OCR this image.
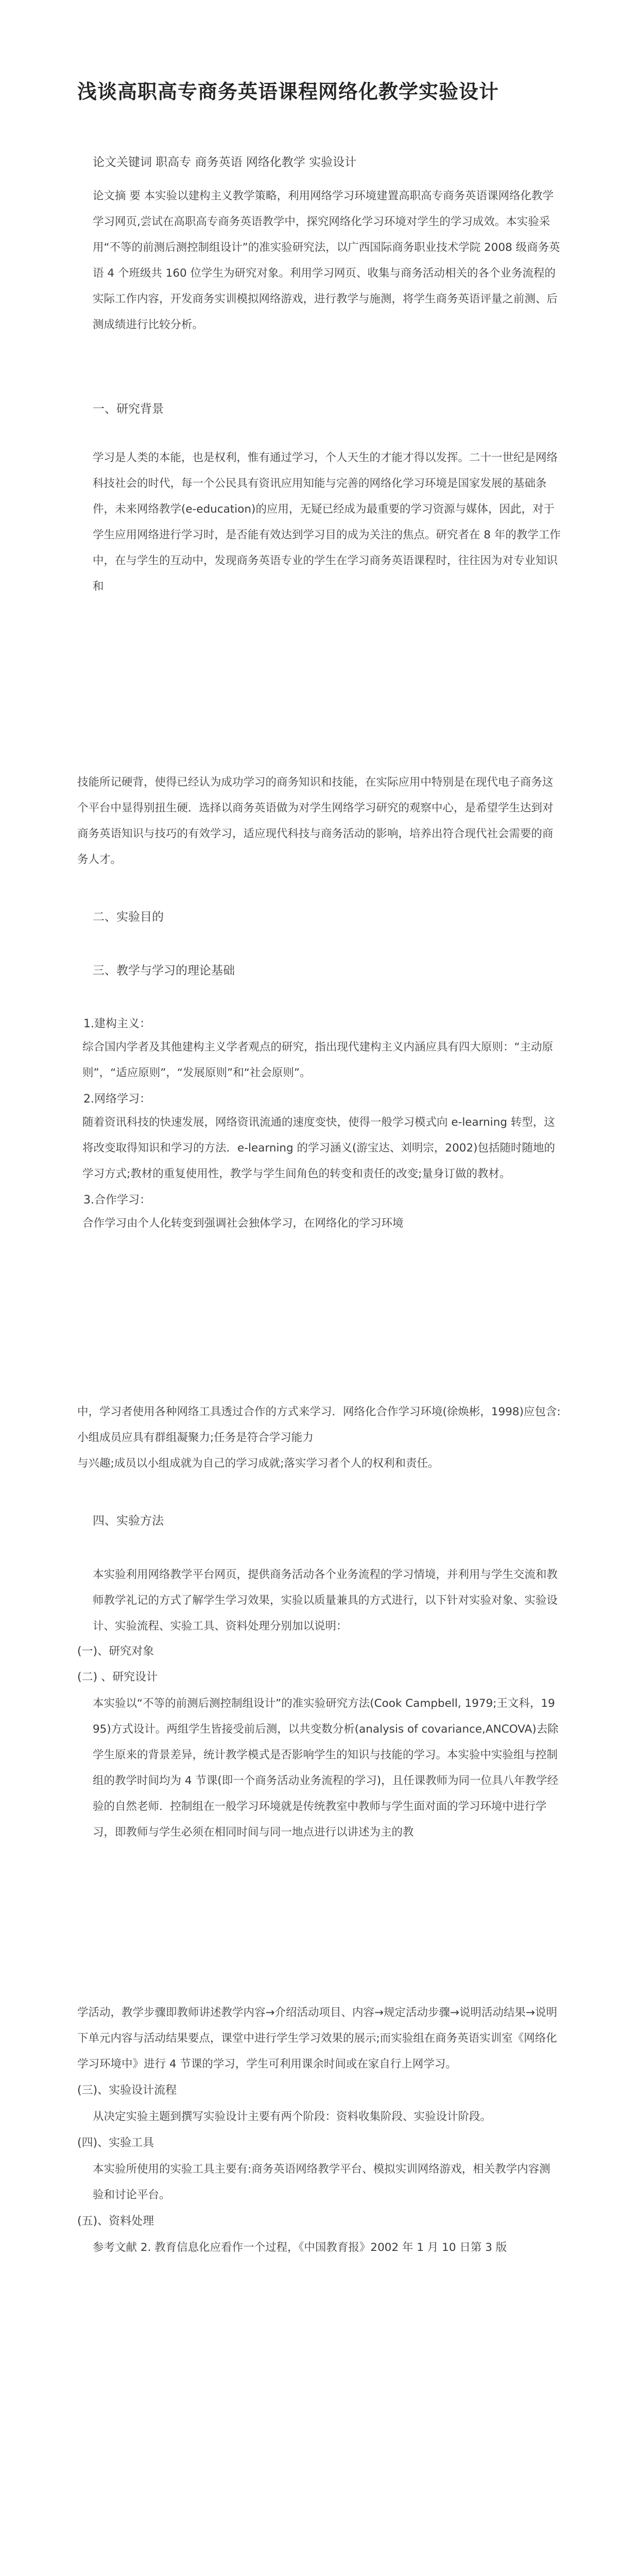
浅谈高职高专商务英语课程网络化教学实验设计

论文关键词 职高专 商务英语 网络化教学 实验设计

论文摘 要 本实验以建构主义教学策略，利用网络学习环境建置高职高专商务英语课网络化教学学习网页,尝试在高职高专商务英语教学中，探究网络化学习环境对学生的学习成效。本实验采用“不等的前测后测控制组设计”的准实验研究法，以广西国际商务职业技术学院 2008 级商务英语 4 个班级共 160 位学生为研究对象。利用学习网页、收集与商务活动相关的各个业务流程的实际工作内容，开发商务实训模拟网络游戏，进行教学与施测，将学生商务英语评量之前测、后测成绩进行比较分析。

一、研究背景

学习是人类的本能，也是权利，惟有通过学习，个人天生的才能才得以发挥。二十一世纪是网络科技社会的时代，每一个公民具有资讯应用知能与完善的网络化学习环境是国家发展的基础条件，未来网络教学(e-education)的应用，无疑已经成为最重要的学习资源与媒体，因此，对于学生应用网络进行学习时，是否能有效达到学习目的成为关注的焦点。研究者在 8 年的教学工作中，在与学生的互动中，发现商务英语专业的学生在学习商务英语课程时，往往因为对专业知识和

技能所记硬背，使得已经认为成功学习的商务知识和技能，在实际应用中特别是在现代电子商务这个平台中显得别扭生硬．选择以商务英语做为对学生网络学习研究的观察中心，是希望学生达到对商务英语知识与技巧的有效学习，适应现代科技与商务活动的影响，培养出符合现代社会需要的商务人才。

二、实验目的

三、教学与学习的理论基础

1.建构主义：

综合国内学者及其他建构主义学者观点的研究，指出现代建构主义内涵应具有四大原则：“主动原则”，“适应原则”，“发展原则”和“社会原则”。

2.网络学习：

随着资讯科技的快速发展，网络资讯流通的速度变快，使得一般学习模式向 e-learning 转型，这将改变取得知识和学习的方法．e-learning 的学习涵义(游宝达、刘明宗，2002)包括随时随地的学习方式;教材的重复使用性，教学与学生间角色的转变和责任的改变;量身订做的教材。

3.合作学习：

合作学习由个人化转变到强调社会独体学习，在网络化的学习环境

中，学习者使用各种网络工具透过合作的方式来学习．网络化合作学习环境(徐焕彬，1998)应包含:小组成员应具有群组凝聚力;任务是符合学习能力

与兴趣;成员以小组成就为自己的学习成就;落实学习者个人的权利和责任。

四、实验方法

本实验利用网络教学平台网页，提供商务活动各个业务流程的学习情境，并利用与学生交流和教师教学礼记的方式了解学生学习效果，实验以质量兼具的方式进行，以下针对实验对象、实验设计、实验流程、实验工具、资料处理分别加以说明：

(一)、研究对象

(二) 、研究设计

本实验以“不等的前测后测控制组设计”的准实验研究方法(Cook Campbell, 1979;王文科，1995)方式设计。两组学生皆接受前后测，以共变数分析(analysis of covariance,ANCOVA)去除学生原来的背景差异，统计教学模式是否影响学生的知识与技能的学习。本实验中实验组与控制组的教学时间均为 4 节课(即一个商务活动业务流程的学习)，且任课教师为同一位具八年教学经验的自然老师．控制组在一般学习环境就是传统教室中教师与学生面对面的学习环境中进行学习，即教师与学生必须在相同时间与同一地点进行以讲述为主的教

学活动，教学步骤即教师讲述教学内容→介绍活动项目、内容→规定活动步骤→说明活动结果→说明下单元内容与活动结果要点，课堂中进行学生学习效果的展示;而实验组在商务英语实训室《网络化学习环境中》进行 4 节课的学习，学生可利用课余时间或在家自行上网学习。

(三)、实验设计流程

从决定实验主题到撰写实验设计主要有两个阶段：资料收集阶段、实验设计阶段。

(四)、实验工具

本实验所使用的实验工具主要有:商务英语网络教学平台、模拟实训网络游戏，相关教学内容测验和讨论平台。

(五)、资料处理

参考文献 2. 教育信息化应看作一个过程，《中国教育报》2002 年 1 月 10 日第 3 版
